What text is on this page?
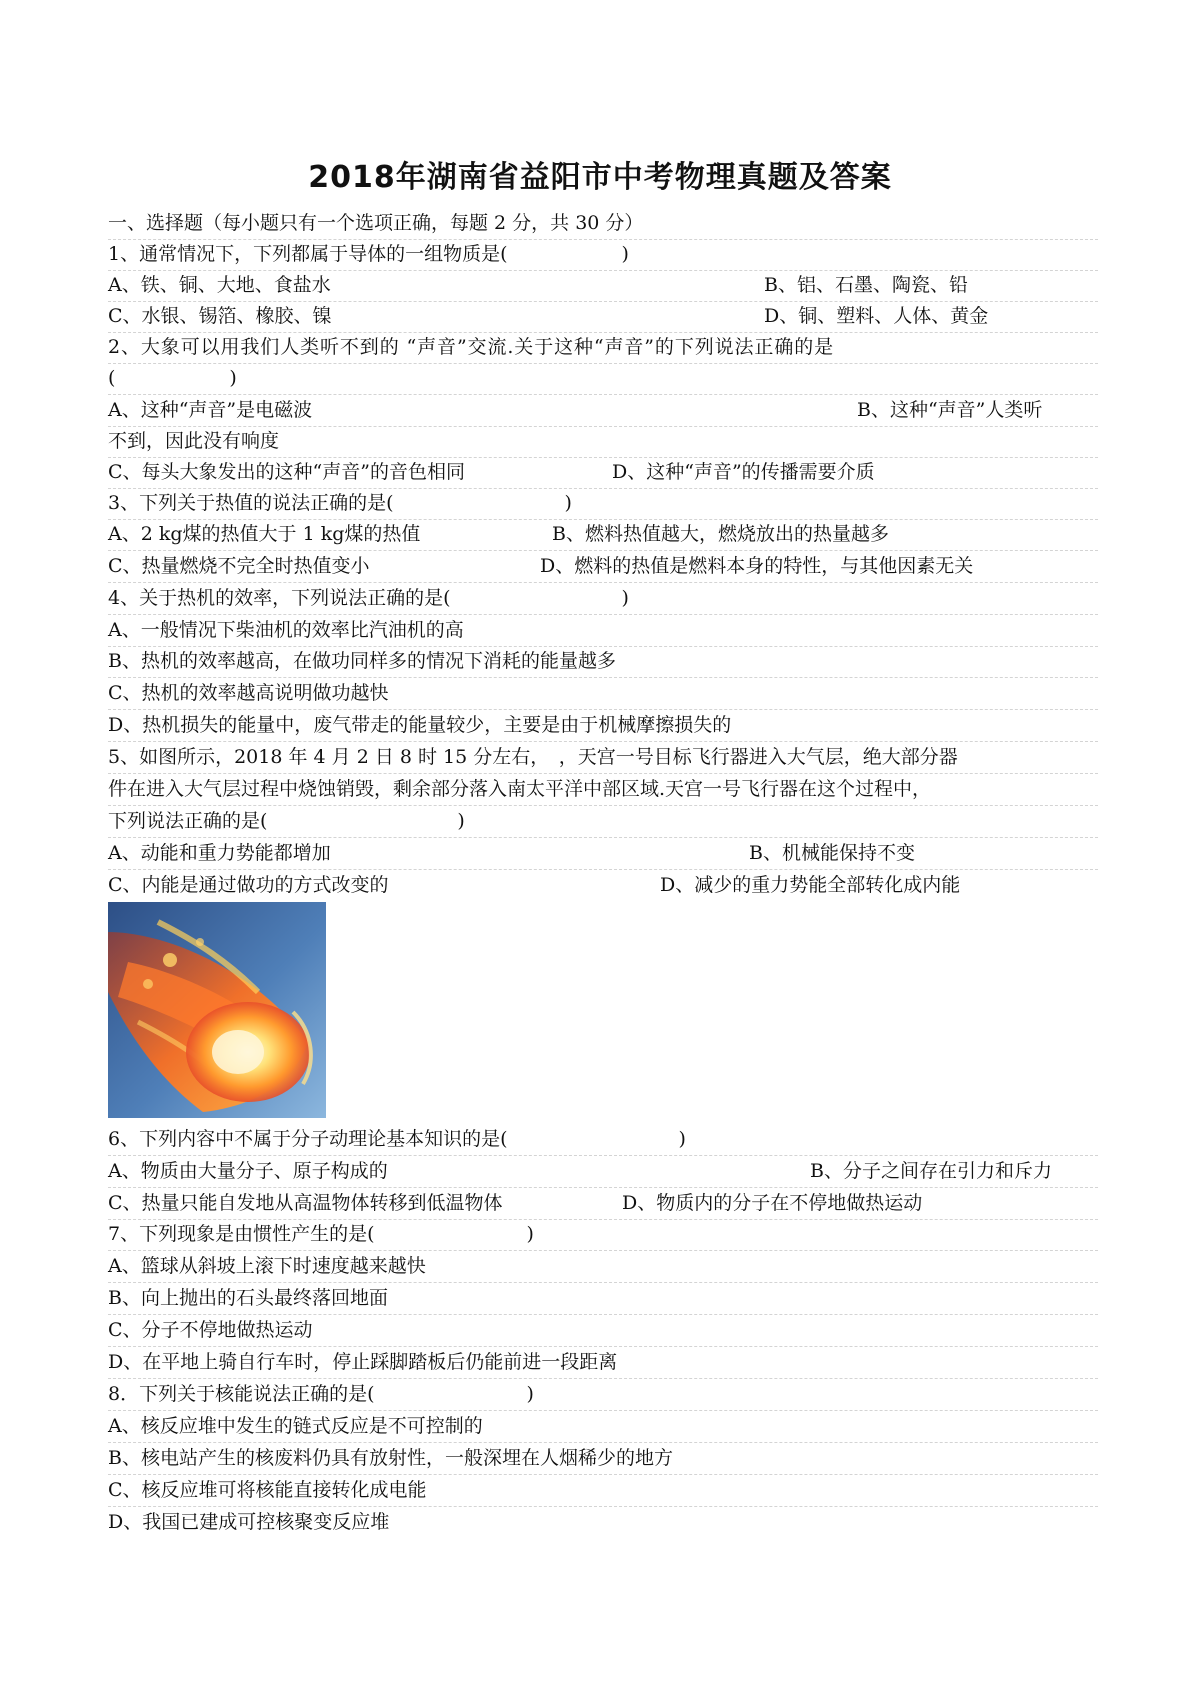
2018年湖南省益阳市中考物理真题及答案
一、选择题（每小题只有一个选项正确，每题 2 分，共 30 分）
1、通常情况下，下列都属于导体的一组物质是(　　　　　　)
A、铁、铜、大地、食盐水	B、铝、石墨、陶瓷、铅
C、水银、锡箔、橡胶、镍	D、铜、塑料、人体、黄金
2、大象可以用我们人类听不到的 “声音”交流.关于这种“声音”的下列说法正确的是
(　　　　　　)
A、这种“声音”是电磁波	B、这种“声音”人类听
不到，因此没有响度
C、每头大象发出的这种“声音”的音色相同	D、这种“声音”的传播需要介质
3、下列关于热值的说法正确的是(　　　　　　　　　)
A、2 kg煤的热值大于 1 kg煤的热值	B、燃料热值越大，燃烧放出的热量越多
C、热量燃烧不完全时热值变小	D、燃料的热值是燃料本身的特性，与其他因素无关
4、关于热机的效率，下列说法正确的是(　　　　　　　　　)
A、一般情况下柴油机的效率比汽油机的高
B、热机的效率越高，在做功同样多的情况下消耗的能量越多
C、热机的效率越高说明做功越快
D、热机损失的能量中，废气带走的能量较少，主要是由于机械摩擦损失的
5、如图所示，2018 年 4 月 2 日 8 时 15 分左右，　，天宫一号目标飞行器进入大气层，绝大部分器
件在进入大气层过程中烧蚀销毁，剩余部分落入南太平洋中部区域.天宫一号飞行器在这个过程中，
下列说法正确的是(　　　　　　　　　　)
A、动能和重力势能都增加	B、机械能保持不变
C、内能是通过做功的方式改变的	D、减少的重力势能全部转化成内能
6、下列内容中不属于分子动理论基本知识的是(　　　　　　　　　)
A、物质由大量分子、原子构成的	B、分子之间存在引力和斥力
C、热量只能自发地从高温物体转移到低温物体	D、物质内的分子在不停地做热运动
7、下列现象是由惯性产生的是(　　　　　　　　)
A、篮球从斜坡上滚下时速度越来越快
B、向上抛出的石头最终落回地面
C、分子不停地做热运动
D、在平地上骑自行车时，停止踩脚踏板后仍能前进一段距离
8．下列关于核能说法正确的是(　　　　　　　　)
A、核反应堆中发生的链式反应是不可控制的
B、核电站产生的核废料仍具有放射性，一般深埋在人烟稀少的地方
C、核反应堆可将核能直接转化成电能
D、我国已建成可控核聚变反应堆
